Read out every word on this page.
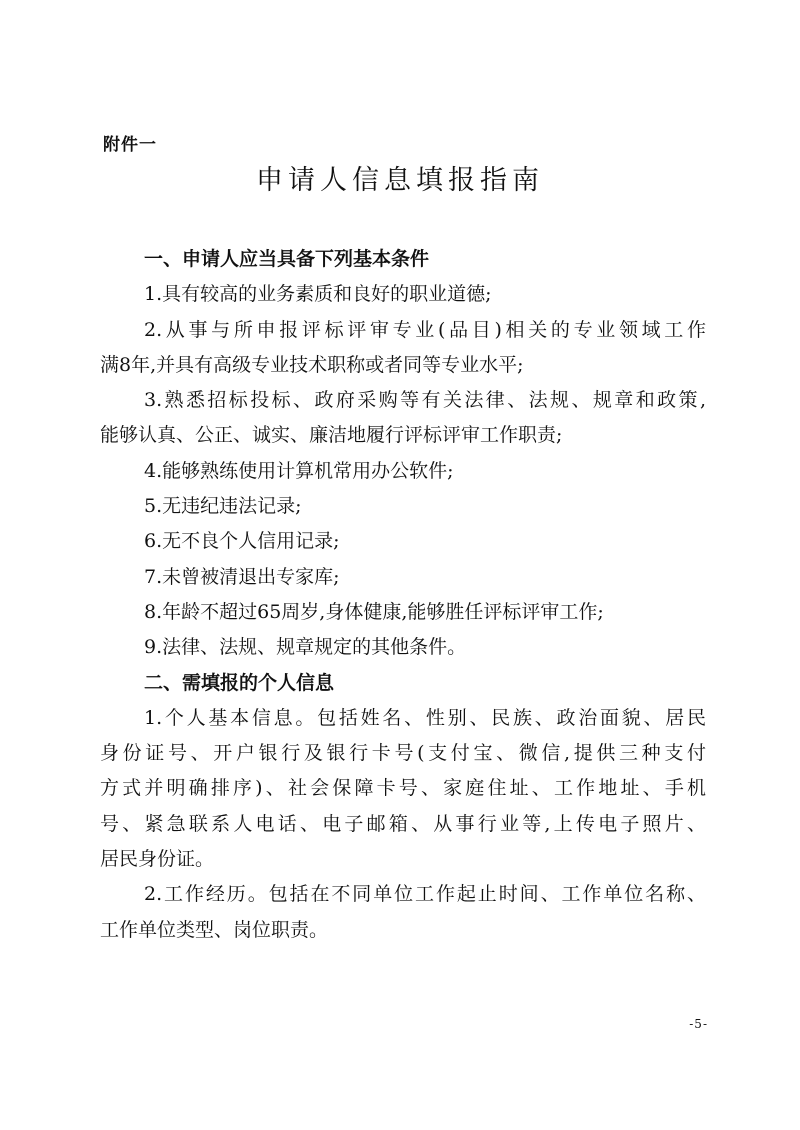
附件一
申请人信息填报指南
一、申请人应当具备下列基本条件
1.具有较高的业务素质和良好的职业道德;
2.从事与所申报评标评审专业(品目)相关的专业领域工作
满8年,并具有高级专业技术职称或者同等专业水平;
3.熟悉招标投标、政府采购等有关法律、法规、规章和政策,
能够认真、公正、诚实、廉洁地履行评标评审工作职责;
4.能够熟练使用计算机常用办公软件;
5.无违纪违法记录;
6.无不良个人信用记录;
7.未曾被清退出专家库;
8.年龄不超过65周岁,身体健康,能够胜任评标评审工作;
9.法律、法规、规章规定的其他条件。
二、需填报的个人信息
1.个人基本信息。包括姓名、性别、民族、政治面貌、居民
身份证号、开户银行及银行卡号(支付宝、微信,提供三种支付
方式并明确排序)、社会保障卡号、家庭住址、工作地址、手机
号、紧急联系人电话、电子邮箱、从事行业等,上传电子照片、
居民身份证。
2.工作经历。包括在不同单位工作起止时间、工作单位名称、
工作单位类型、岗位职责。
-5-
